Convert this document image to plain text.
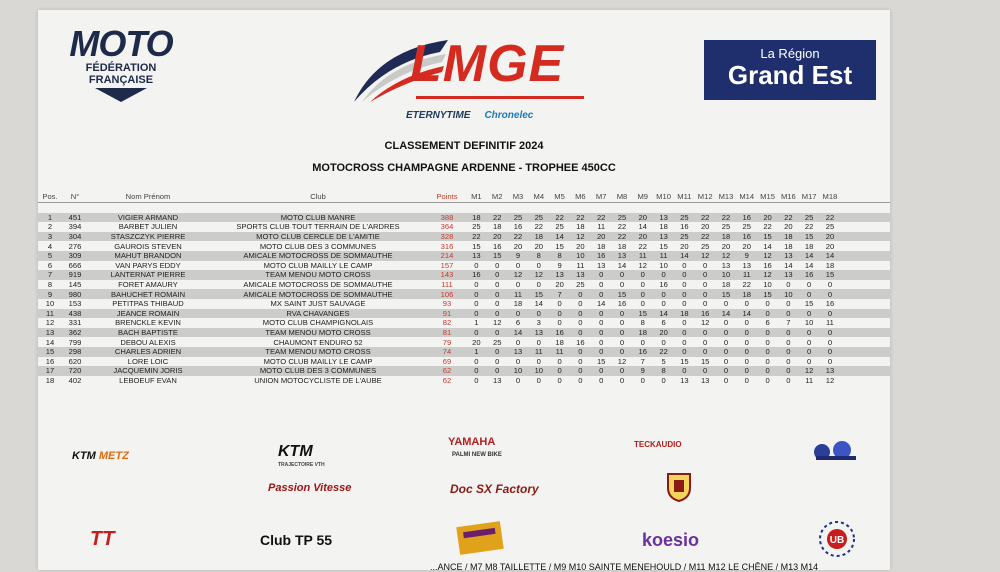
MOTO
FÉDÉRATION
FRANÇAISE	LMGE
ETERNYTIME Chronelec
La Région
Grand Est
CLASSEMENT DEFINITIF 2024
MOTOCROSS CHAMPAGNE ARDENNE - TROPHEE 450CC
Pos.	N°	Nom Prénom	Club	Points	M1	M2	M3	M4	M5	M6	M7	M8	M9	M10 M11 M12 M13 M14 M15 M16 M17 M18
1	451	VIGIER ARMAND	MOTO CLUB MANRE	388	18	22	25	25	22	22	22	25	20	13	25	22	22	16	20	22	25	22
2	394	BARBET JULIEN	SPORTS CLUB TOUT TERRAIN DE L'ARDRES	364	25	18	16	22	25	18	11	22	14	18	16	20	25	25	22	20	22	25
3	304	STASZCZYK PIERRE	MOTO CLUB CERCLE DE L'AMITIE	328	22	20	22	18	14	12	20	22	20	13	25	22	18	16	15	18	15	20
4	276	GAUROIS STEVEN	MOTO CLUB DES 3 COMMUNES	316	15	16	20	20	15	20	18	18	22	15	20	25	20	20	14	18	18	20
5	309	MAHUT BRANDON	AMICALE MOTOCROSS DE SOMMAUTHE	214	13	15	9	8	8	10	16	13	11	11	14	12	12	9	12	13	14	14
6	666	VAN PARYS EDDY	MOTO CLUB MAILLY LE CAMP	157	0	0	0	0	9	11	13	14	12	10	0	0	13	13	16	14	14	18
7	919	LANTERNAT PIERRE	TEAM MENOU MOTO CROSS	143	16	0	12	12	13	13	0	0	0	0	0	0	10	11	12	13	16	15
8	145	FORET AMAURY	AMICALE MOTOCROSS DE SOMMAUTHE	111	0	0	0	0	20	25	0	0	0	16	0	0	18	22	10	0	0	0
9	980	BAHUCHET ROMAIN	AMICALE MOTOCROSS DE SOMMAUTHE	106	0	0	11	15	7	0	0	15	0	0	0	0	15	18	15	10	0	0
10	153	PETITPAS THIBAUD	MX SAINT JUST SAUVAGE	93	0	0	18	14	0	0	14	16	0	0	0	0	0	0	0	0	15	16
11	438	JEANCE ROMAIN	RVA CHAVANGES	91	0	0	0	0	0	0	0	0	15	14	18	16	14	14	0	0	0	0
12	331	BRENCKLE KEVIN	MOTO CLUB CHAMPIGNOLAIS	82	1	12	6	3	0	0	0	0	8	6	0	12	0	0	6	7	10	11
13	362	BACH BAPTISTE	TEAM MENOU MOTO CROSS	81	0	0	14	13	16	0	0	0	18	20	0	0	0	0	0	0	0	0
14	799	DEBOU ALEXIS	CHAUMONT ENDURO 52	79	20	25	0	0	18	16	0	0	0	0	0	0	0	0	0	0	0	0
15	298	CHARLES ADRIEN	TEAM MENOU MOTO CROSS	74	1	0	13	11	11	0	0	0	16	22	0	0	0	0	0	0	0	0
16	620	LORE LOIC	MOTO CLUB MAILLY LE CAMP	69	0	0	0	0	0	0	15	12	7	5	15	15	0	0	0	0	0	0
17	720	JACQUEMIN JORIS	MOTO CLUB DES 3 COMMUNES	62	0	0	10	10	0	0	0	0	9	8	0	0	0	0	0	0	12	13
18	402	LEBOEUF EVAN	UNION MOTOCYCLISTE DE L'AUBE	62	0	13	0	0	0	0	0	0	0	0	13	13	0	0	0	0	11	12
KTM METZ	KTM
TRAJECTOIRE VTH
YAMAHA
PALMI NEW BIKE
TECKAUDIO
Passion Vitesse	Doc SX Factory
TT	Club TP 55	koesio	UB
...ANCE / M7 M8 TAILLETTE / M9 M10 SAINTE MENEHOULD / M11 M12 LE CHÊNE / M13 M14
